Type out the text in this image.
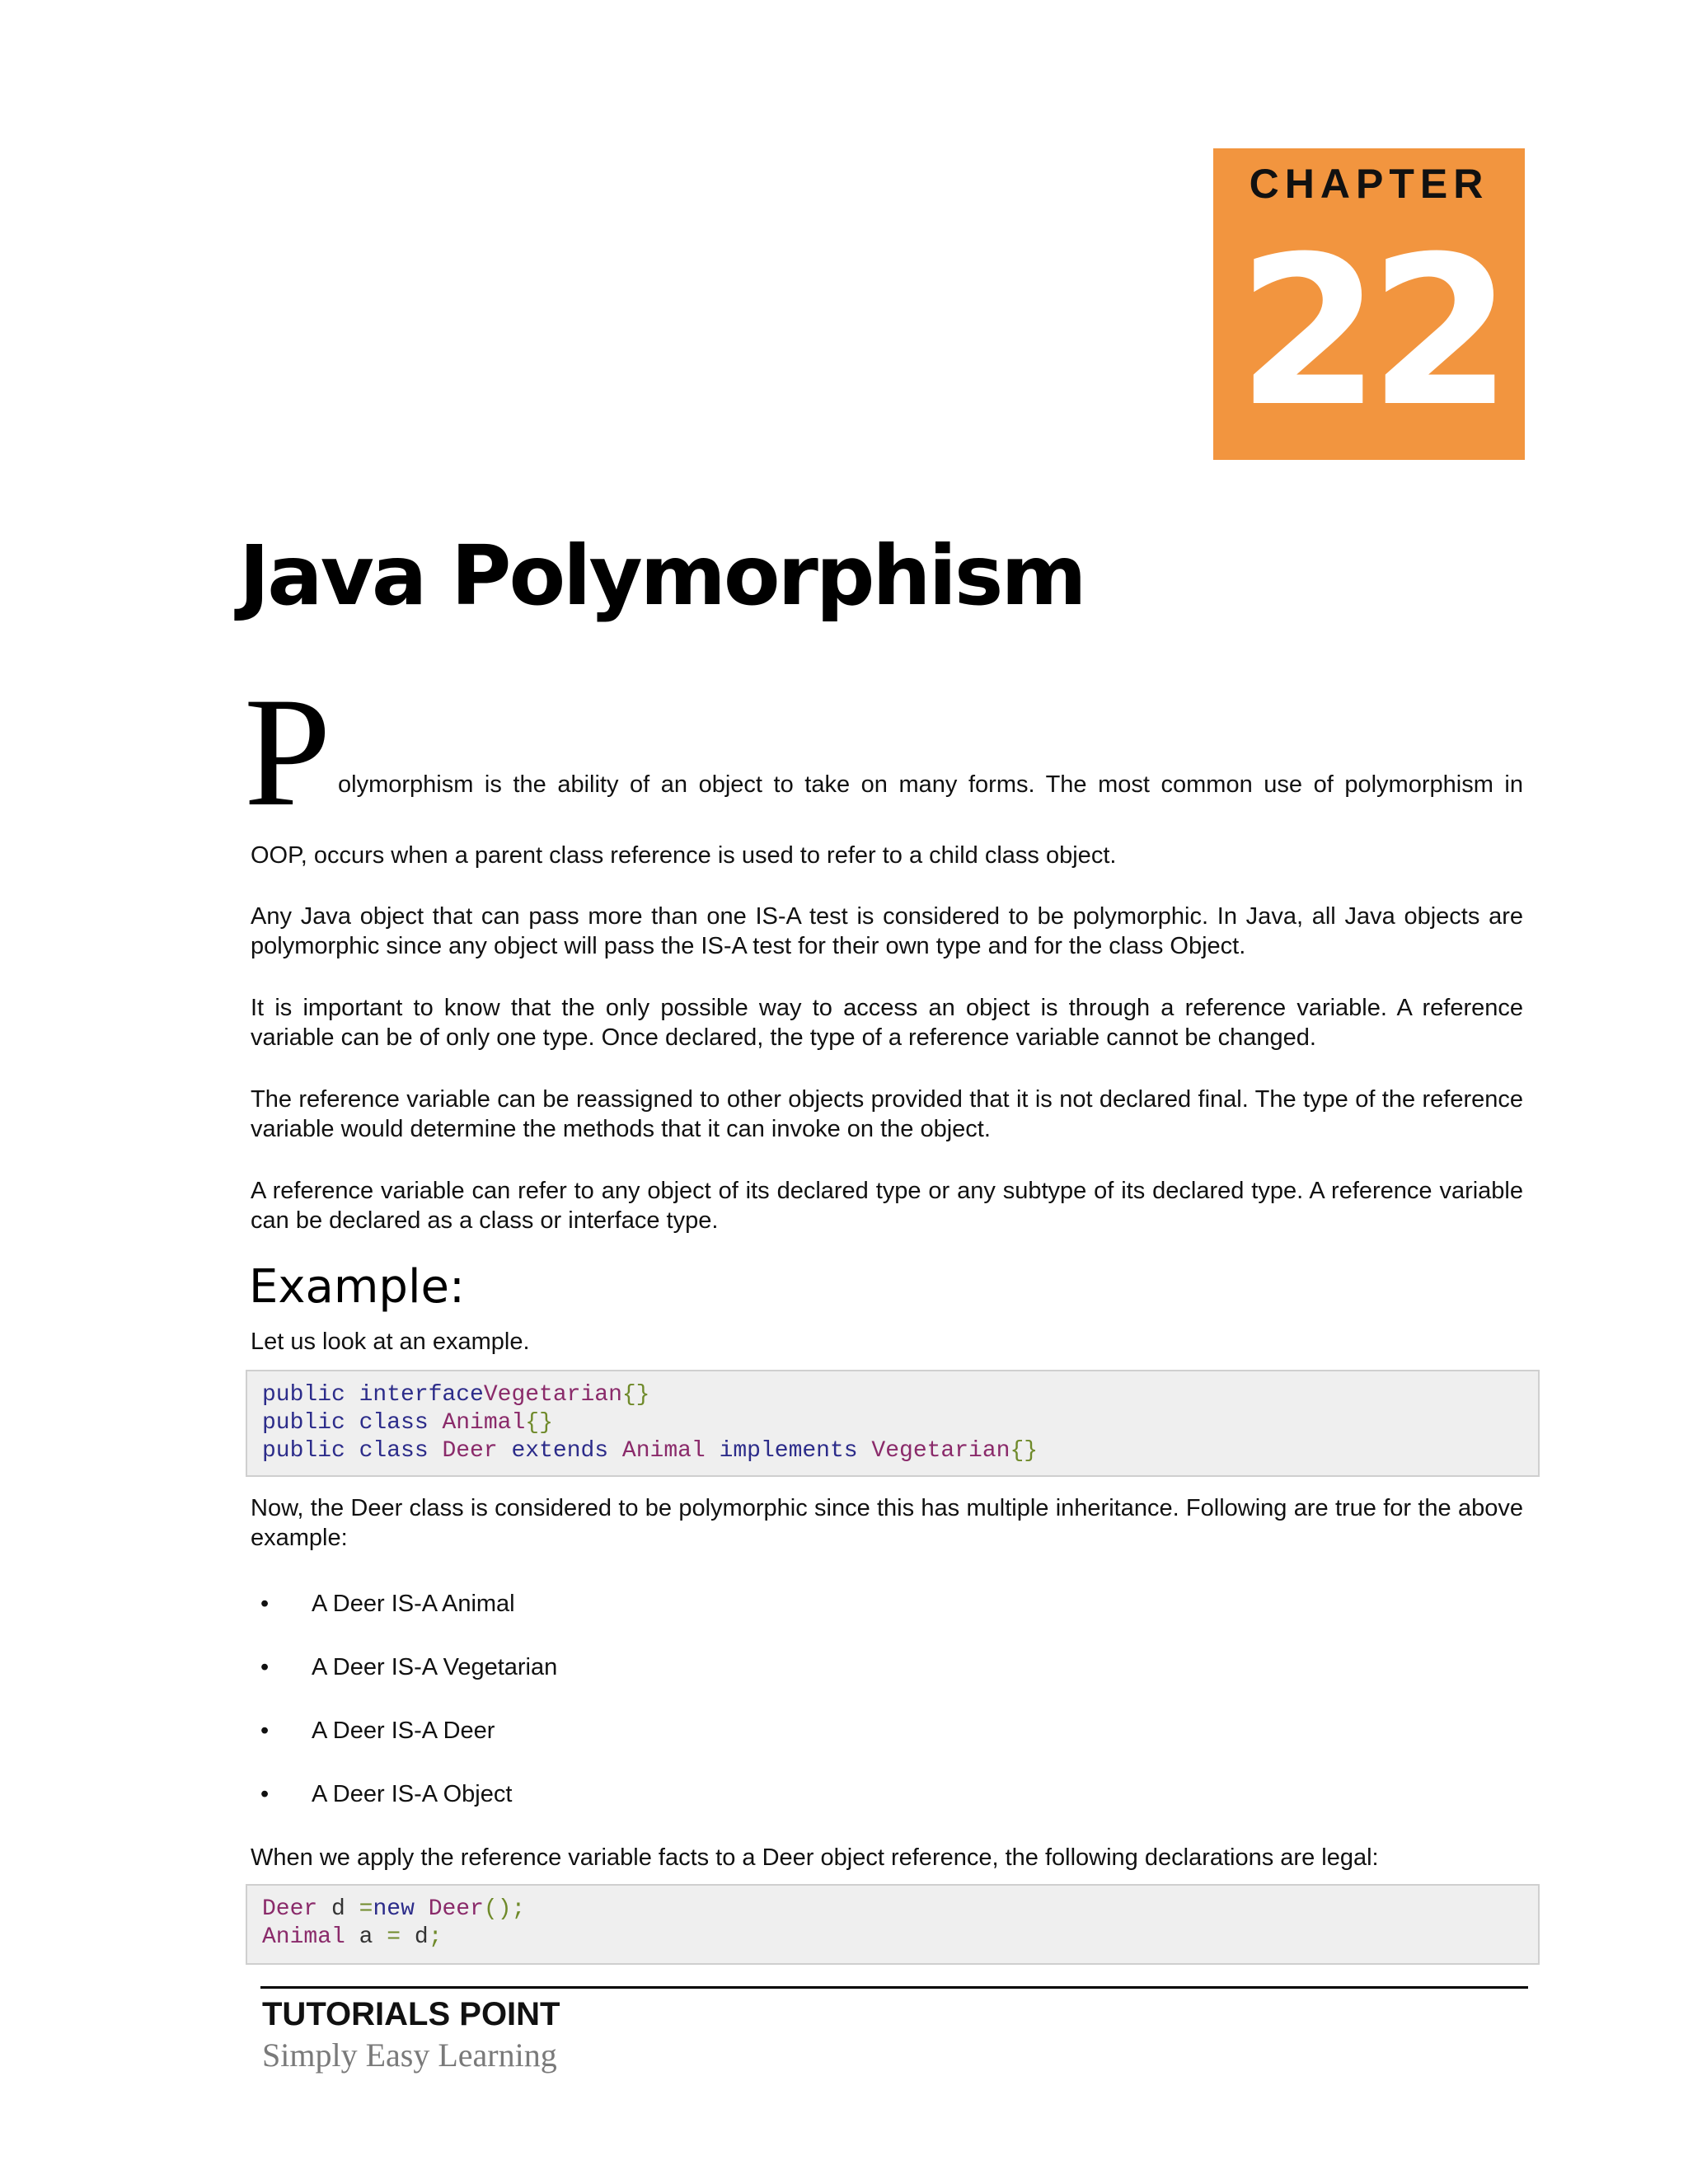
CHAPTER
22
Java Polymorphism
P olymorphism is the ability of an object to take on many forms. The most common use of polymorphism in
OOP, occurs when a parent class reference is used to refer to a child class object.

Any Java object that can pass more than one IS-A test is considered to be polymorphic. In Java, all Java objects are polymorphic since any object will pass the IS-A test for their own type and for the class Object.

It is important to know that the only possible way to access an object is through a reference variable. A reference variable can be of only one type. Once declared, the type of a reference variable cannot be changed.

The reference variable can be reassigned to other objects provided that it is not declared final. The type of the reference variable would determine the methods that it can invoke on the object.

A reference variable can refer to any object of its declared type or any subtype of its declared type. A reference variable can be declared as a class or interface type.

Example:

Let us look at an example.

public interfaceVegetarian{}
public class Animal{}
public class Deer extends Animal implements Vegetarian{}

Now, the Deer class is considered to be polymorphic since this has multiple inheritance. Following are true for the above example:

• A Deer IS-A Animal
• A Deer IS-A Vegetarian
• A Deer IS-A Deer
• A Deer IS-A Object

When we apply the reference variable facts to a Deer object reference, the following declarations are legal:

Deer d =new Deer();
Animal a = d;
TUTORIALS POINT
Simply Easy Learning
